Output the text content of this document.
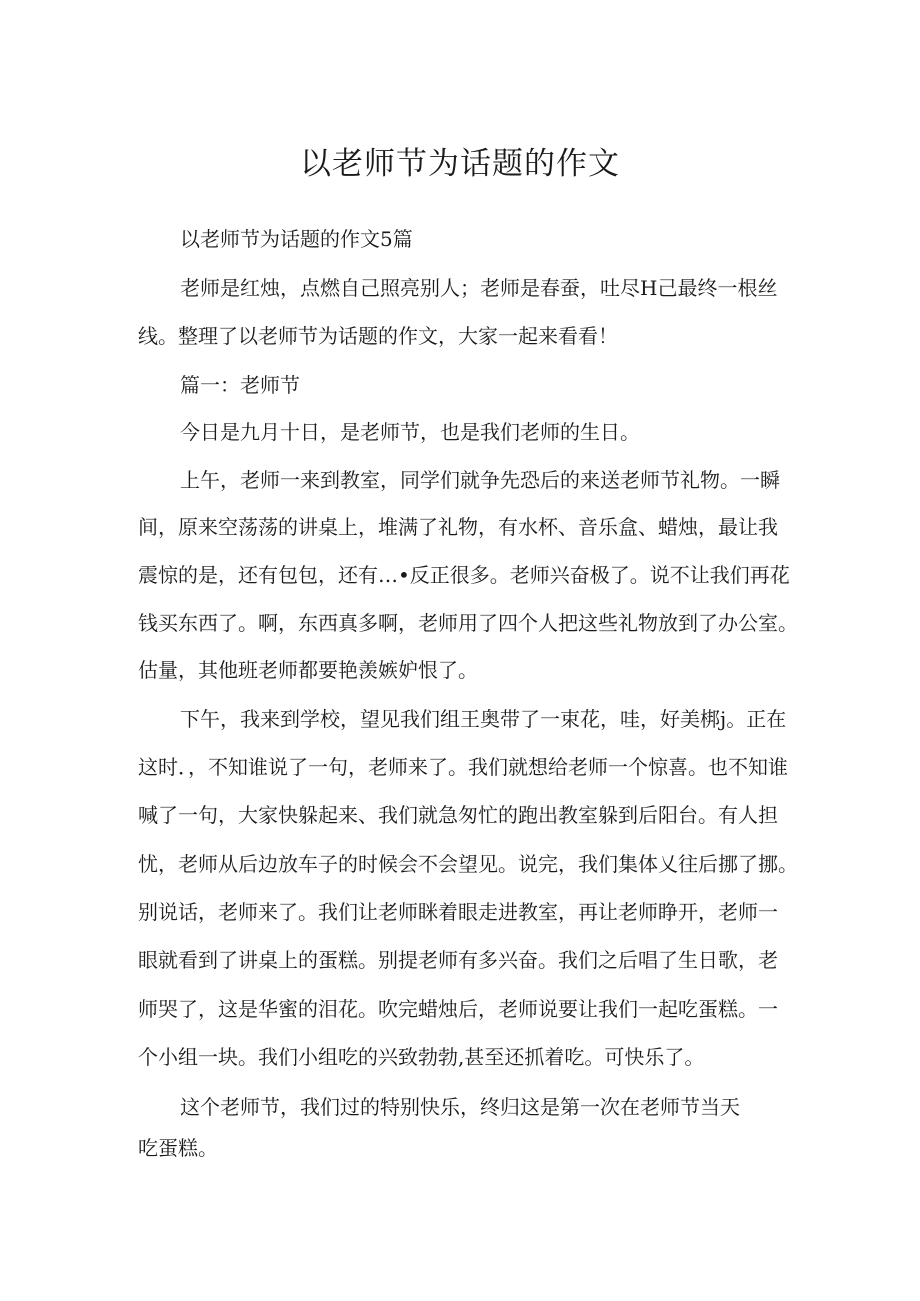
以老师节为话题的作文

以老师节为话题的作文5篇

老师是红烛，点燃自己照亮别人；老师是春蚕，吐尽H己最终一根丝

线。整理了以老师节为话题的作文，大家一起来看看！

篇一：老师节

今日是九月十日，是老师节，也是我们老师的生日。

上午，老师一来到教室，同学们就争先恐后的来送老师节礼物。一瞬

间，原来空荡荡的讲桌上，堆满了礼物，有水杯、音乐盒、蜡烛，最让我

震惊的是，还有包包，还有…•反正很多。老师兴奋极了。说不让我们再花

钱买东西了。啊，东西真多啊，老师用了四个人把这些礼物放到了办公室。

估量，其他班老师都要艳羡嫉妒恨了。

下午，我来到学校，望见我们组王奥带了一束花，哇，好美梆j。正在

这时．，不知谁说了一句，老师来了。我们就想给老师一个惊喜。也不知谁

喊了一句，大家快躲起来、我们就急匆忙的跑出教室躲到后阳台。有人担

忧，老师从后边放车子的时候会不会望见。说完，我们集体乂往后挪了挪。

别说话，老师来了。我们让老师眯着眼走进教室，再让老师睁开，老师一

眼就看到了讲桌上的蛋糕。别提老师有多兴奋。我们之后唱了生日歌，老

师哭了，这是华蜜的泪花。吹完蜡烛后，老师说要让我们一起吃蛋糕。一

个小组一块。我们小组吃的兴致勃勃,甚至还抓着吃。可快乐了。

这个老师节，我们过的特别快乐，终归这是第一次在老师节当天

吃蛋糕。
